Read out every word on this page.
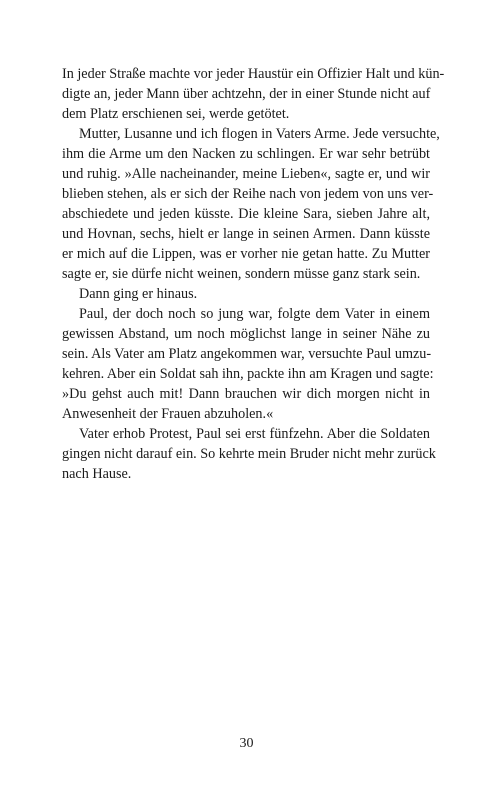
In jeder Straße machte vor jeder Haustür ein Offizier Halt und kün-
digte an, jeder Mann über achtzehn, der in einer Stunde nicht auf
dem Platz erschienen sei, werde getötet.
Mutter, Lusanne und ich flogen in Vaters Arme. Jede versuchte,
ihm die Arme um den Nacken zu schlingen. Er war sehr betrübt
und ruhig. »Alle nacheinander, meine Lieben«, sagte er, und wir
blieben stehen, als er sich der Reihe nach von jedem von uns ver-
abschiedete und jeden küsste. Die kleine Sara, sieben Jahre alt,
und Hovnan, sechs, hielt er lange in seinen Armen. Dann küsste
er mich auf die Lippen, was er vorher nie getan hatte. Zu Mutter
sagte er, sie dürfe nicht weinen, sondern müsse ganz stark sein.
Dann ging er hinaus.
Paul, der doch noch so jung war, folgte dem Vater in einem
gewissen Abstand, um noch möglichst lange in seiner Nähe zu
sein. Als Vater am Platz angekommen war, versuchte Paul umzu-
kehren. Aber ein Soldat sah ihn, packte ihn am Kragen und sagte:
»Du gehst auch mit! Dann brauchen wir dich morgen nicht in
Anwesenheit der Frauen abzuholen.«
Vater erhob Protest, Paul sei erst fünfzehn. Aber die Soldaten
gingen nicht darauf ein. So kehrte mein Bruder nicht mehr zurück
nach Hause.
30
